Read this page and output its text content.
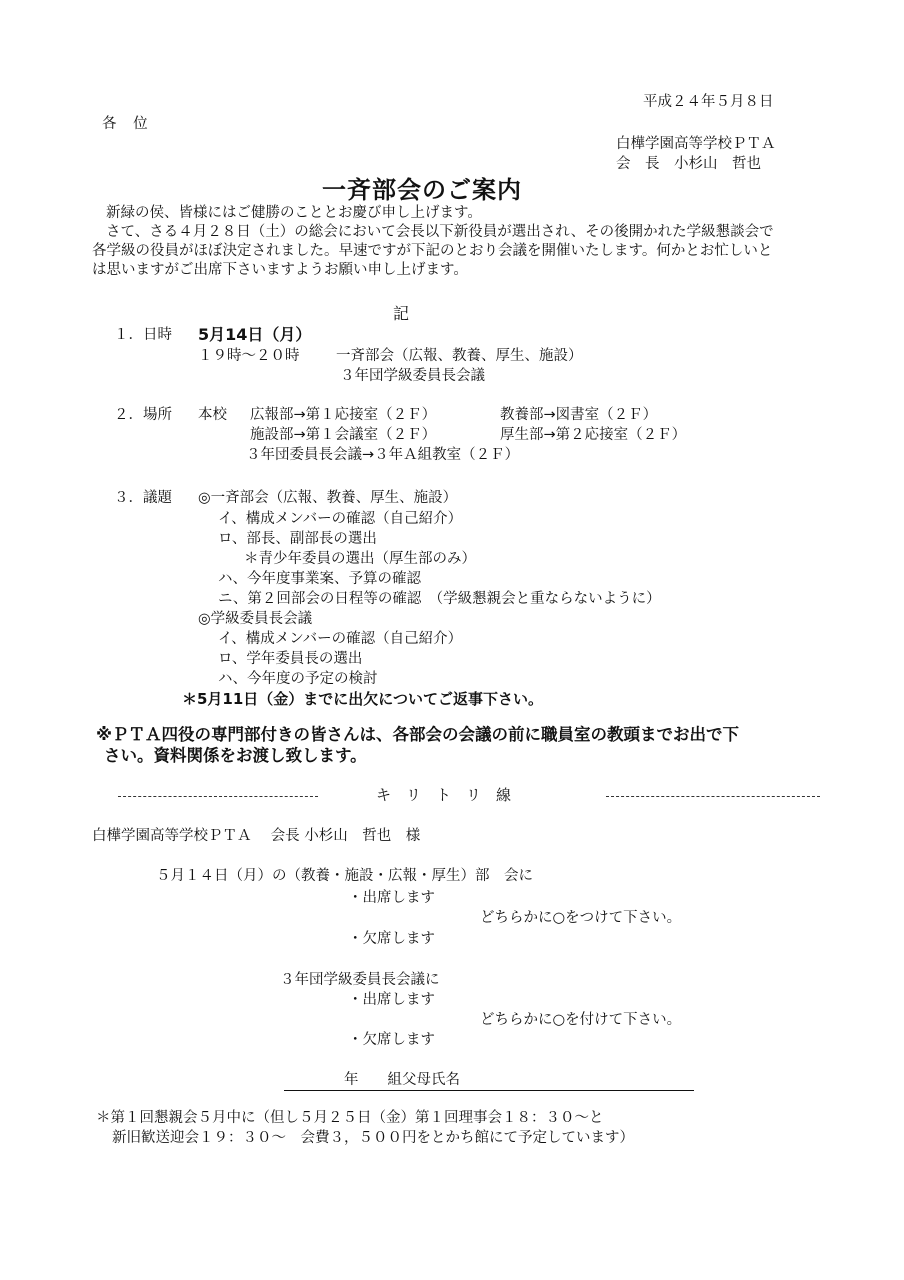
平成２４年５月８日
各 位
白樺学園高等学校ＰＴＡ
会　長　小杉山　哲也
一斉部会のご案内
新緑の侯、皆様にはご健勝のこととお慶び申し上げます。
さて、さる４月２８日（土）の総会において会長以下新役員が選出され、その後開かれた学級懇談会で
各学級の役員がほぼ決定されました。早速ですが下記のとおり会議を開催いたします。何かとお忙しいと
は思いますがご出席下さいますようお願い申し上げます。
記
１．日時 5月14日（月）
１９時～２０時	一斉部会（広報、教養、厚生、施設）
３年団学級委員長会議
２．場所 本校 広報部→第１応接室（２Ｆ）	教養部→図書室（２Ｆ）
施設部→第１会議室（２Ｆ）	厚生部→第２応接室（２Ｆ）
３年団委員長会議→３年Ａ組教室（２Ｆ）
３．議題 ◎一斉部会（広報、教養、厚生、施設）
イ、構成メンバーの確認（自己紹介）
ロ、部長、副部長の選出
＊青少年委員の選出（厚生部のみ）
ハ、今年度事業案、予算の確認
ニ、第２回部会の日程等の確認　（学級懇親会と重ならないように）
◎学級委員長会議
イ、構成メンバーの確認（自己紹介）
ロ、学年委員長の選出
ハ、今年度の予定の検討
＊5月11日（金）までに出欠についてご返事下さい。
※ＰＴＡ四役の専門部付きの皆さんは、各部会の会議の前に職員室の教頭までお出で下
さい。資料関係をお渡し致します。
キ　リ　ト　リ　線
白樺学園高等学校ＰＴＡ　 会長 小杉山　哲也　様
５月１４日（月）の（教養・施設・広報・厚生）部　会に
・出席します
どちらかに○をつけて下さい。
・欠席します
３年団学級委員長会議に
・出席します
どちらかに○を付けて下さい。
・欠席します
年　　組父母氏名
＊第１回懇親会５月中に（但し５月２５日（金）第１回理事会１８：３０～と
新旧歓送迎会１９：３０～　会費３，５００円をとかち館にて予定しています）
